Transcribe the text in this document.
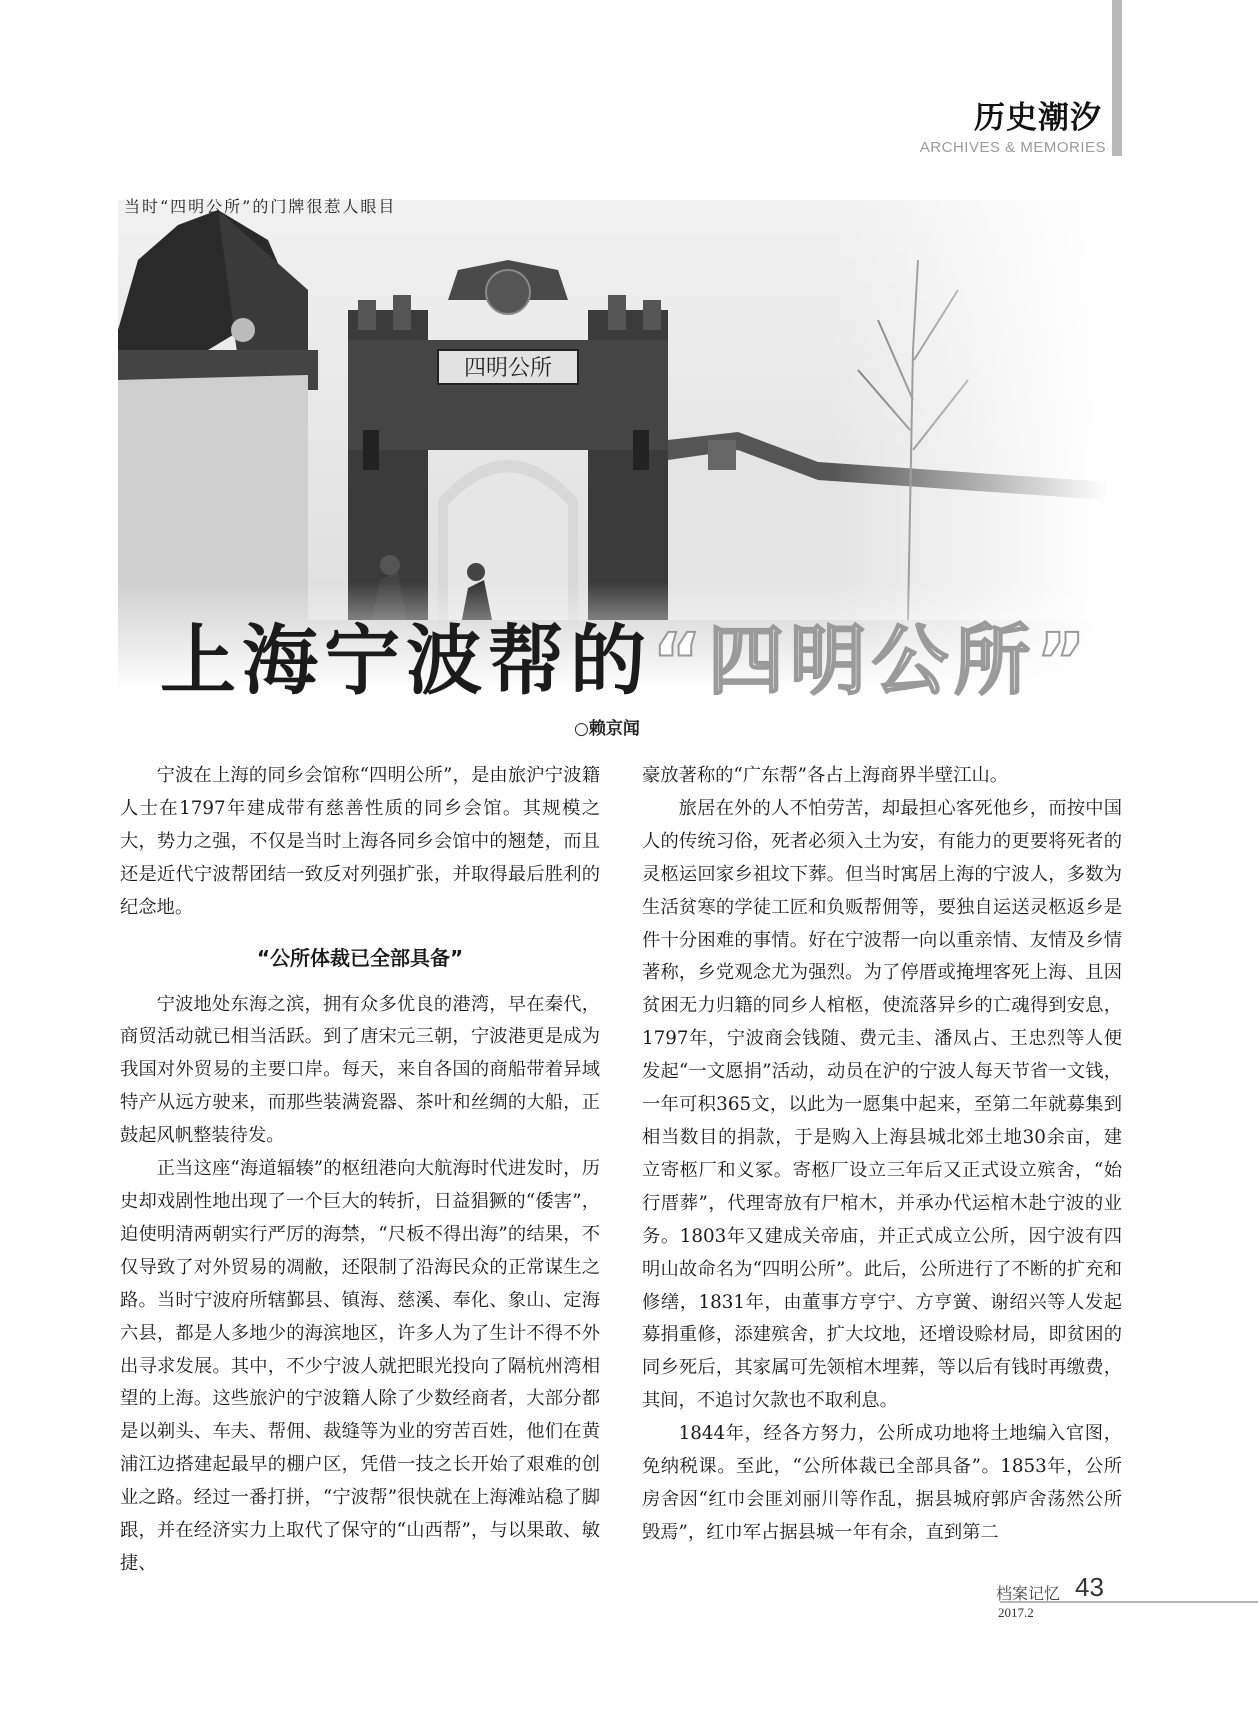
历史潮汐
ARCHIVES & MEMORIES
当时“四明公所”的门牌很惹人眼目
上海宁波帮的“四明公所”
○赖京闻

宁波在上海的同乡会馆称“四明公所”，是由旅沪宁波籍人士在1797年建成带有慈善性质的同乡会馆。其规模之大，势力之强，不仅是当时上海各同乡会馆中的翘楚，而且还是近代宁波帮团结一致反对列强扩张，并取得最后胜利的纪念地。

“公所体裁已全部具备”

宁波地处东海之滨，拥有众多优良的港湾，早在秦代，商贸活动就已相当活跃。到了唐宋元三朝，宁波港更是成为我国对外贸易的主要口岸。每天，来自各国的商船带着异域特产从远方驶来，而那些装满瓷器、茶叶和丝绸的大船，正鼓起风帆整装待发。

正当这座“海道辐辏”的枢纽港向大航海时代进发时，历史却戏剧性地出现了一个巨大的转折，日益猖獗的“倭害”，迫使明清两朝实行严厉的海禁，“尺板不得出海”的结果，不仅导致了对外贸易的凋敝，还限制了沿海民众的正常谋生之路。当时宁波府所辖鄞县、镇海、慈溪、奉化、象山、定海六县，都是人多地少的海滨地区，许多人为了生计不得不外出寻求发展。其中，不少宁波人就把眼光投向了隔杭州湾相望的上海。这些旅沪的宁波籍人除了少数经商者，大部分都是以剃头、车夫、帮佣、裁缝等为业的穷苦百姓，他们在黄浦江边搭建起最早的棚户区，凭借一技之长开始了艰难的创业之路。经过一番打拼，“宁波帮”很快就在上海滩站稳了脚跟，并在经济实力上取代了保守的“山西帮”，与以果敢、敏捷、

豪放著称的“广东帮”各占上海商界半壁江山。

旅居在外的人不怕劳苦，却最担心客死他乡，而按中国人的传统习俗，死者必须入土为安，有能力的更要将死者的灵柩运回家乡祖坟下葬。但当时寓居上海的宁波人，多数为生活贫寒的学徒工匠和负贩帮佣等，要独自运送灵柩返乡是件十分困难的事情。好在宁波帮一向以重亲情、友情及乡情著称，乡党观念尤为强烈。为了停厝或掩埋客死上海、且因贫困无力归籍的同乡人棺柩，使流落异乡的亡魂得到安息，1797年，宁波商会钱随、费元圭、潘凤占、王忠烈等人便发起“一文愿捐”活动，动员在沪的宁波人每天节省一文钱，一年可积365文，以此为一愿集中起来，至第二年就募集到相当数目的捐款，于是购入上海县城北郊土地30余亩，建立寄柩厂和义冢。寄柩厂设立三年后又正式设立殡舍，“始行厝葬”，代理寄放有尸棺木，并承办代运棺木赴宁波的业务。1803年又建成关帝庙，并正式成立公所，因宁波有四明山故命名为“四明公所”。此后，公所进行了不断的扩充和修缮，1831年，由董事方亨宁、方亨黉、谢绍兴等人发起募捐重修，添建殡舍，扩大坟地，还增设赊材局，即贫困的同乡死后，其家属可先领棺木埋葬，等以后有钱时再缴费，其间，不追讨欠款也不取利息。

1844年，经各方努力，公所成功地将土地编入官图，免纳税课。至此，“公所体裁已全部具备”。1853年，公所房舍因“红巾会匪刘丽川等作乱，据县城府郭庐舍荡然公所毁焉”，红巾军占据县城一年有余，直到第二

档案记忆 43
2017.2
